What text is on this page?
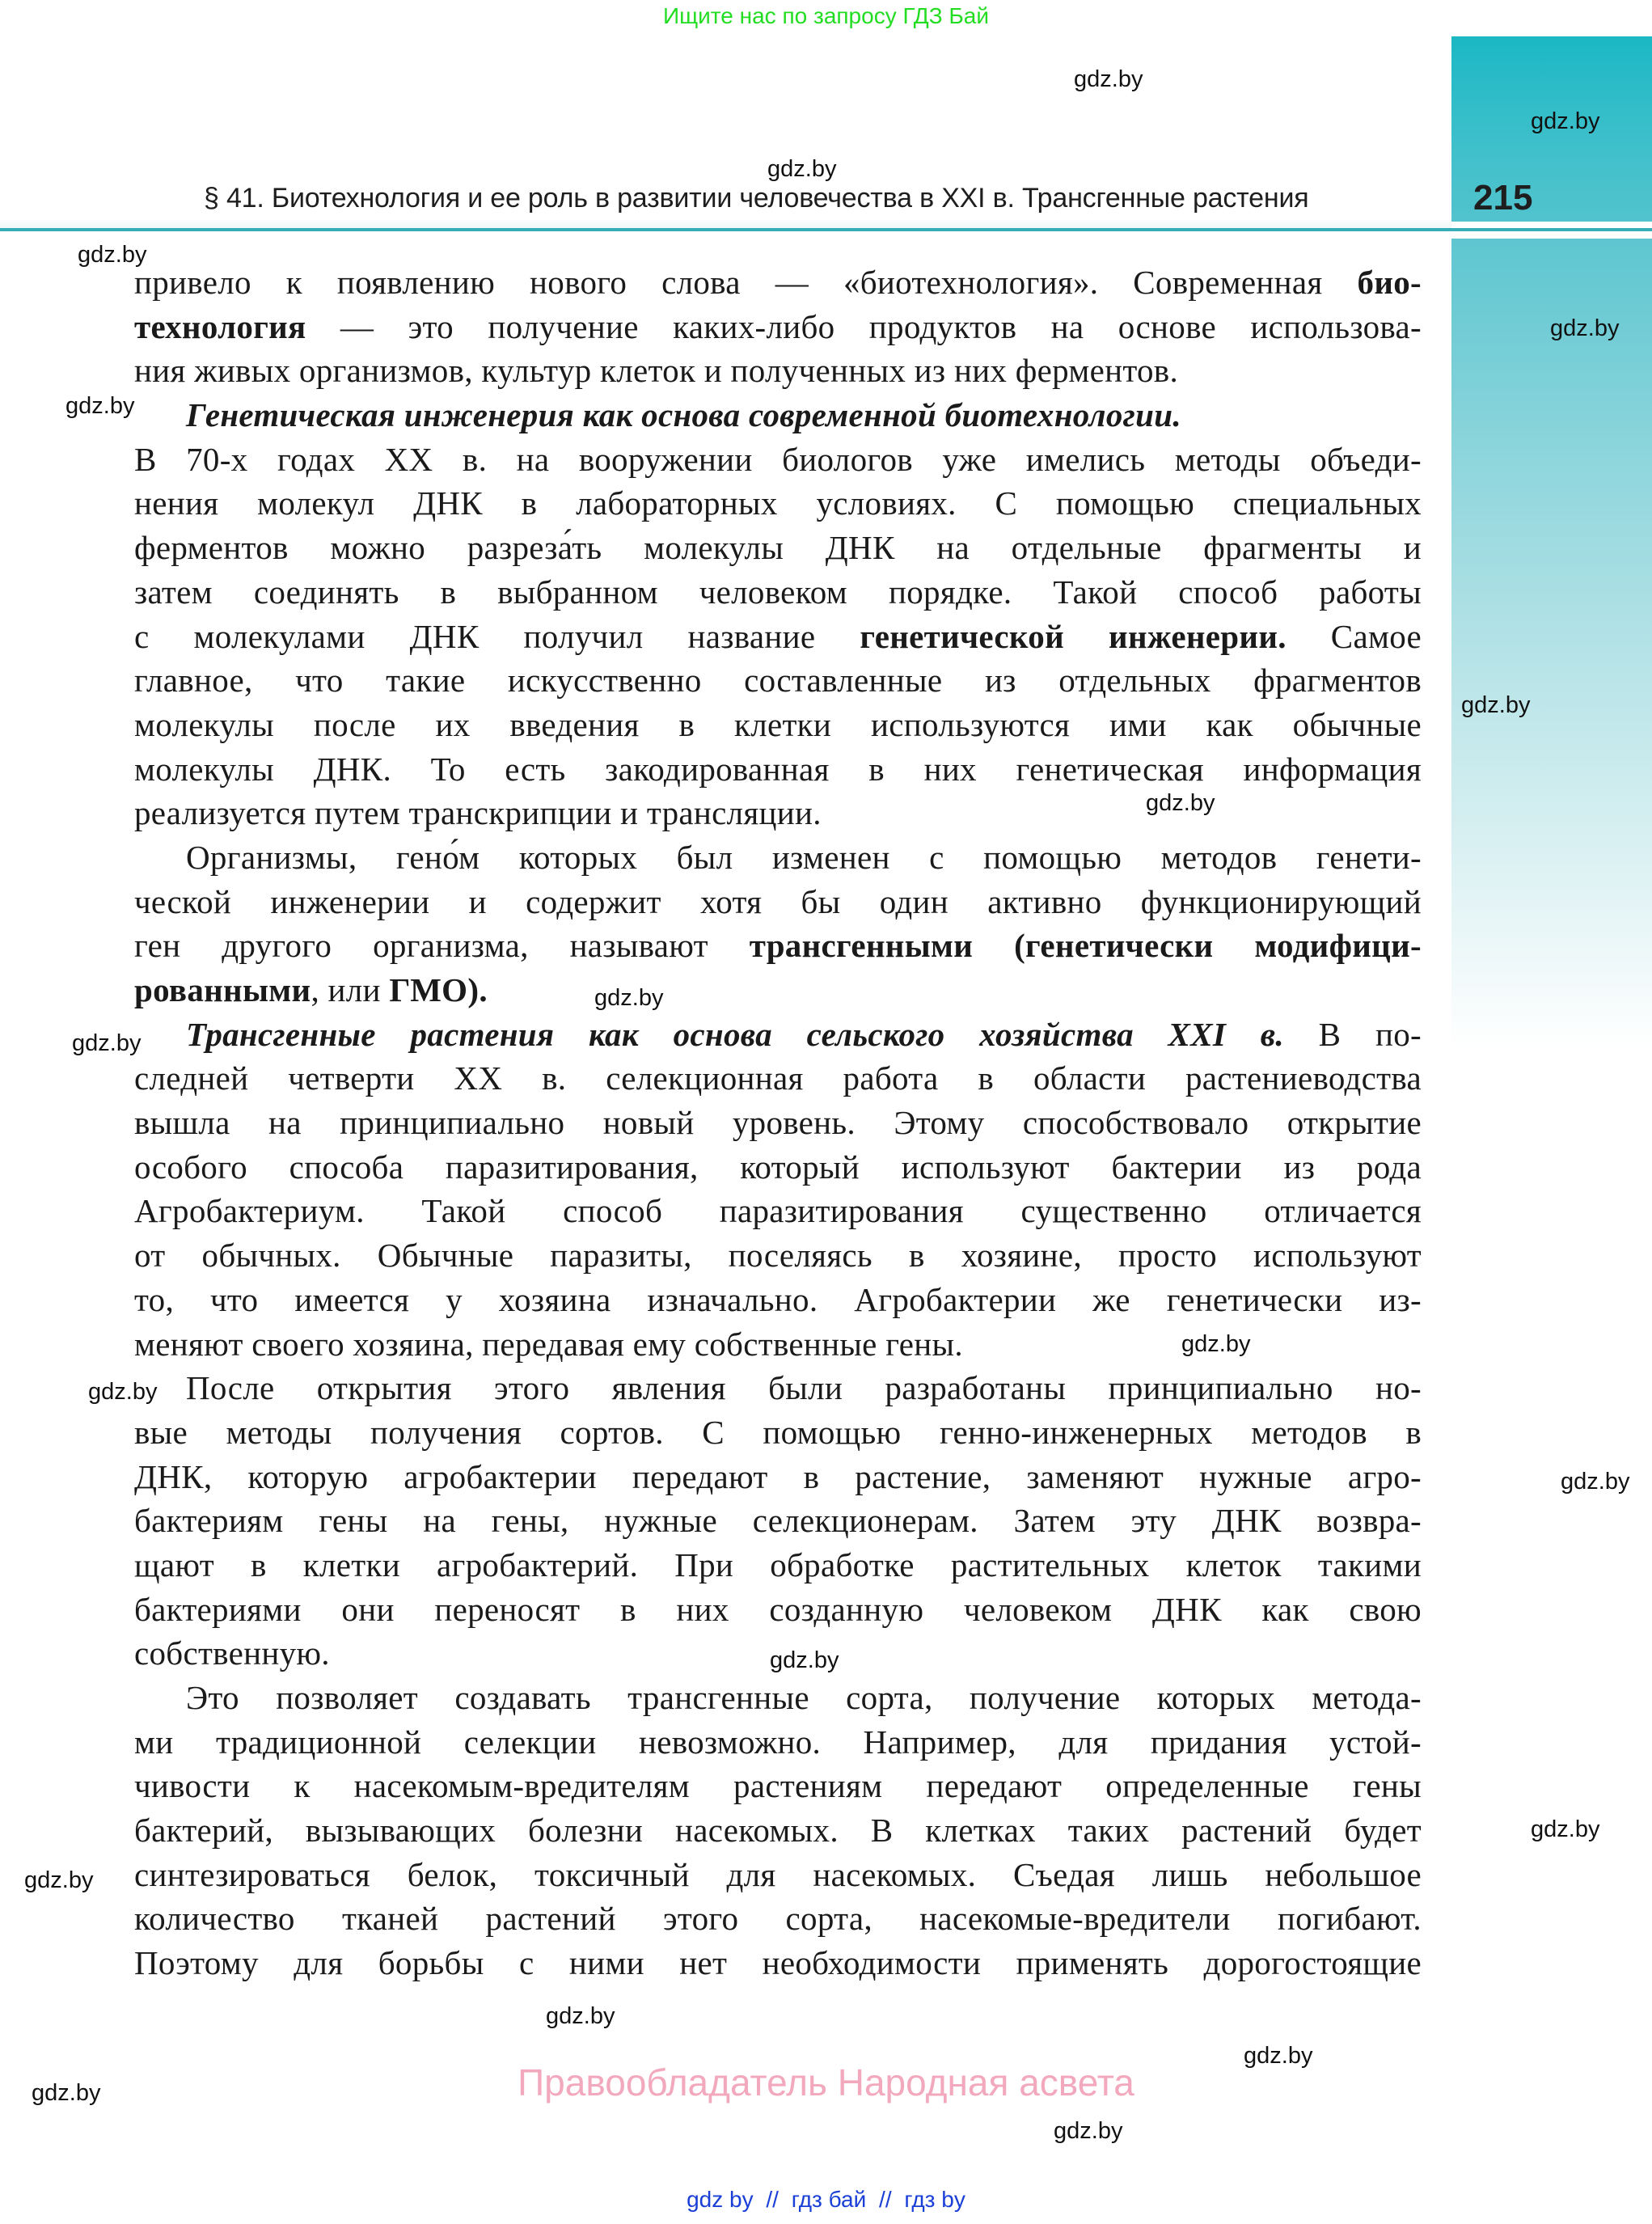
Ищите нас по запросу ГДЗ Бай
§ 41. Биотехнология и ее роль в развитии человечества в XXI в. Трансгенные растения	215
привело к появлению нового слова — «биотехнология». Современная био-
технология — это получение каких-либо продуктов на основе использова-
ния живых организмов, культур клеток и полученных из них ферментов.
Генетическая инженерия как основа современной биотехнологии.
В 70-х годах XX в. на вооружении биологов уже имелись методы объеди-
нения молекул ДНК в лабораторных условиях. С помощью специальных
ферментов можно разреза́ть молекулы ДНК на отдельные фрагменты и
затем соединять в выбранном человеком порядке. Такой способ работы
с молекулами ДНК получил название генетической инженерии. Самое
главное, что такие искусственно составленные из отдельных фрагментов
молекулы после их введения в клетки используются ими как обычные
молекулы ДНК. То есть закодированная в них генетическая информация
реализуется путем транскрипции и трансляции.
Организмы, гено́м которых был изменен с помощью методов генети-
ческой инженерии и содержит хотя бы один активно функционирующий
ген другого организма, называют трансгенными (генетически модифици-
рованными, или ГМО).
Трансгенные растения как основа сельского хозяйства XXI в. В по-
следней четверти XX в. селекционная работа в области растениеводства
вышла на принципиально новый уровень. Этому способствовало открытие
особого способа паразитирования, который используют бактерии из рода
Агробактериум. Такой способ паразитирования существенно отличается
от обычных. Обычные паразиты, поселяясь в хозяине, просто используют
то, что имеется у хозяина изначально. Агробактерии же генетически из-
меняют своего хозяина, передавая ему собственные гены.
После открытия этого явления были разработаны принципиально но-
вые методы получения сортов. С помощью генно-инженерных методов в
ДНК, которую агробактерии передают в растение, заменяют нужные агро-
бактериям гены на гены, нужные селекционерам. Затем эту ДНК возвра-
щают в клетки агробактерий. При обработке растительных клеток такими
бактериями они переносят в них созданную человеком ДНК как свою
собственную.
Это позволяет создавать трансгенные сорта, получение которых метода-
ми традиционной селекции невозможно. Например, для придания устой-
чивости к насекомым-вредителям растениям передают определенные гены
бактерий, вызывающих болезни насекомых. В клетках таких растений будет
синтезироваться белок, токсичный для насекомых. Съедая лишь небольшое
количество тканей растений этого сорта, насекомые-вредители погибают.
Поэтому для борьбы с ними нет необходимости применять дорогостоящие
gdz.by
gdz.by
gdz.by
gdz.by
gdz.by
gdz.by
gdz.by
gdz.by
gdz.by
gdz.by
gdz.by
gdz.by
gdz.by
gdz.by
gdz.by
gdz.by
gdz.by
gdz.by
gdz.by
gdz.by
Правообладатель Народная асвета
gdz by // гдз бай // гдз by
